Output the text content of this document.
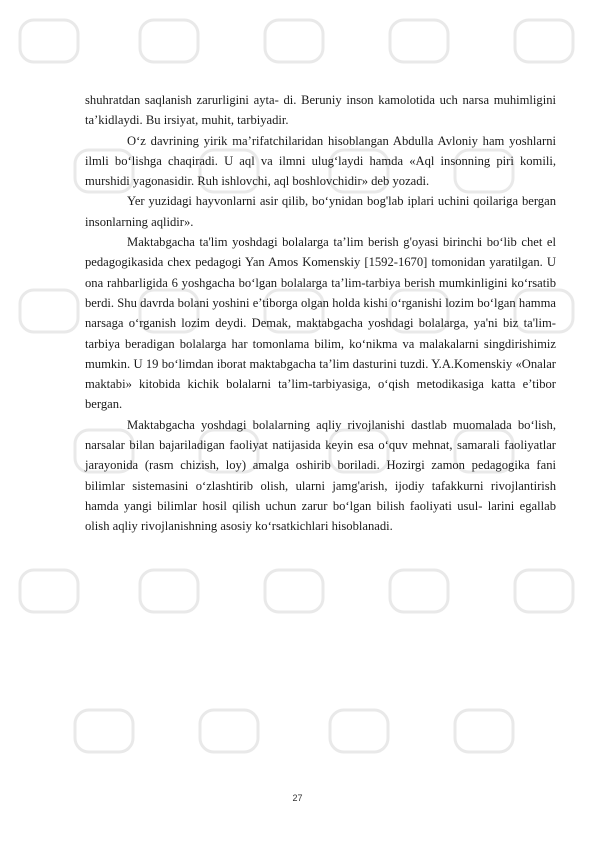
shuhratdan saqlanish zarurligini ayta- di. Beruniy inson kamolotida uch narsa muhimligini ta’kidlaydi. Bu irsiyat, muhit, tarbiyadir.

O‘z davrining yirik ma’rifatchilaridan hisoblangan Abdulla Avloniy ham yoshlarni ilmli bo‘lishga chaqiradi. U aql va ilmni ulug‘laydi hamda «Aql insonning piri komili, murshidi yagonasidir. Ruh ishlovchi, aql boshlovchidir» deb yozadi.

Yer yuzidagi hayvonlarni asir qilib, bo‘ynidan bog'lab iplari uchini qoilariga bergan insonlarning aqlidir».

Maktabgacha ta'lim yoshdagi bolalarga ta’lim berish g'oyasi birinchi bo‘lib chet el pedagogikasida chex pedagogi Yan Amos Komenskiy [1592-1670] tomonidan yaratilgan. U ona rahbarligida 6 yoshgacha bo‘lgan bolalarga ta’lim-tarbiya berish mumkinligini ko‘rsatib berdi. Shu davrda bolani yoshini e’tiborga olgan holda kishi o‘rganishi lozim bo‘lgan hamma narsaga o‘rganish lozim deydi. Demak, maktabgacha yoshdagi bolalarga, ya'ni biz ta'lim-tarbiya beradigan bolalarga har tomonlama bilim, ko‘nikma va malakalarni singdirishimiz mumkin. U 19 bo‘limdan iborat maktabgacha ta’lim dasturini tuzdi. Y.A.Komenskiy «Onalar maktabi» kitobida kichik bolalarni ta’lim-tarbiyasiga, o‘qish metodikasiga katta e’tibor bergan.

Maktabgacha yoshdagi bolalarning aqliy rivojlanishi dastlab muomalada bo‘lish, narsalar bilan bajariladigan faoliyat natijasida keyin esa o‘quv mehnat, samarali faoliyatlar jarayonida (rasm chizish, loy) amalga oshirib boriladi. Hozirgi zamon pedagogika fani bilimlar sistemasini o‘zlashtirib olish, ularni jamg'arish, ijodiy tafakkurni rivojlantirish hamda yangi bilimlar hosil qilish uchun zarur bo‘lgan bilish faoliyati usul- larini egallab olish aqliy rivojlanishning asosiy ko‘rsatkichlari hisoblanadi.

27
